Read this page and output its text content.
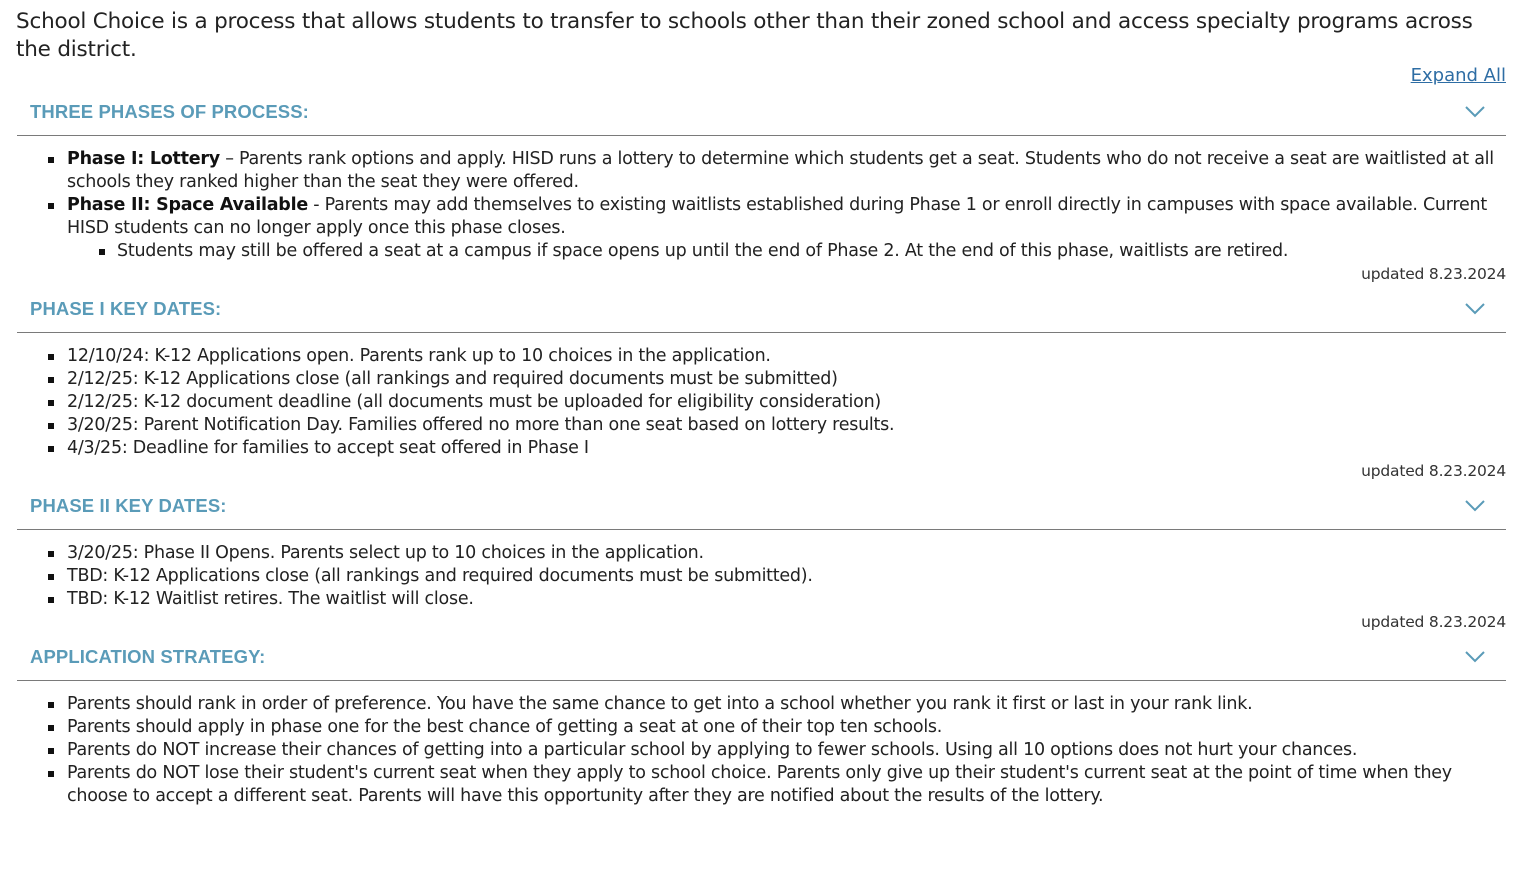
School Choice is a process that allows students to transfer to schools other than their zoned school and access specialty programs across the district.

Expand All
THREE PHASES OF PROCESS:
Phase I: Lottery – Parents rank options and apply. HISD runs a lottery to determine which students get a seat. Students who do not receive a seat are waitlisted at all schools they ranked higher than the seat they were offered.
Phase II: Space Available - Parents may add themselves to existing waitlists established during Phase 1 or enroll directly in campuses with space available. Current HISD students can no longer apply once this phase closes.
Students may still be offered a seat at a campus if space opens up until the end of Phase 2. At the end of this phase, waitlists are retired.
updated 8.23.2024
PHASE I KEY DATES:
12/10/24: K-12 Applications open. Parents rank up to 10 choices in the application.
2/12/25: K-12 Applications close (all rankings and required documents must be submitted)
2/12/25: K-12 document deadline (all documents must be uploaded for eligibility consideration)
3/20/25: Parent Notification Day. Families offered no more than one seat based on lottery results.
4/3/25: Deadline for families to accept seat offered in Phase I
updated 8.23.2024
PHASE II KEY DATES:
3/20/25: Phase II Opens. Parents select up to 10 choices in the application.
TBD: K-12 Applications close (all rankings and required documents must be submitted).
TBD: K-12 Waitlist retires. The waitlist will close.
updated 8.23.2024
APPLICATION STRATEGY:
Parents should rank in order of preference. You have the same chance to get into a school whether you rank it first or last in your rank link.
Parents should apply in phase one for the best chance of getting a seat at one of their top ten schools.
Parents do NOT increase their chances of getting into a particular school by applying to fewer schools. Using all 10 options does not hurt your chances.
Parents do NOT lose their student's current seat when they apply to school choice. Parents only give up their student's current seat at the point of time when they choose to accept a different seat. Parents will have this opportunity after they are notified about the results of the lottery.
